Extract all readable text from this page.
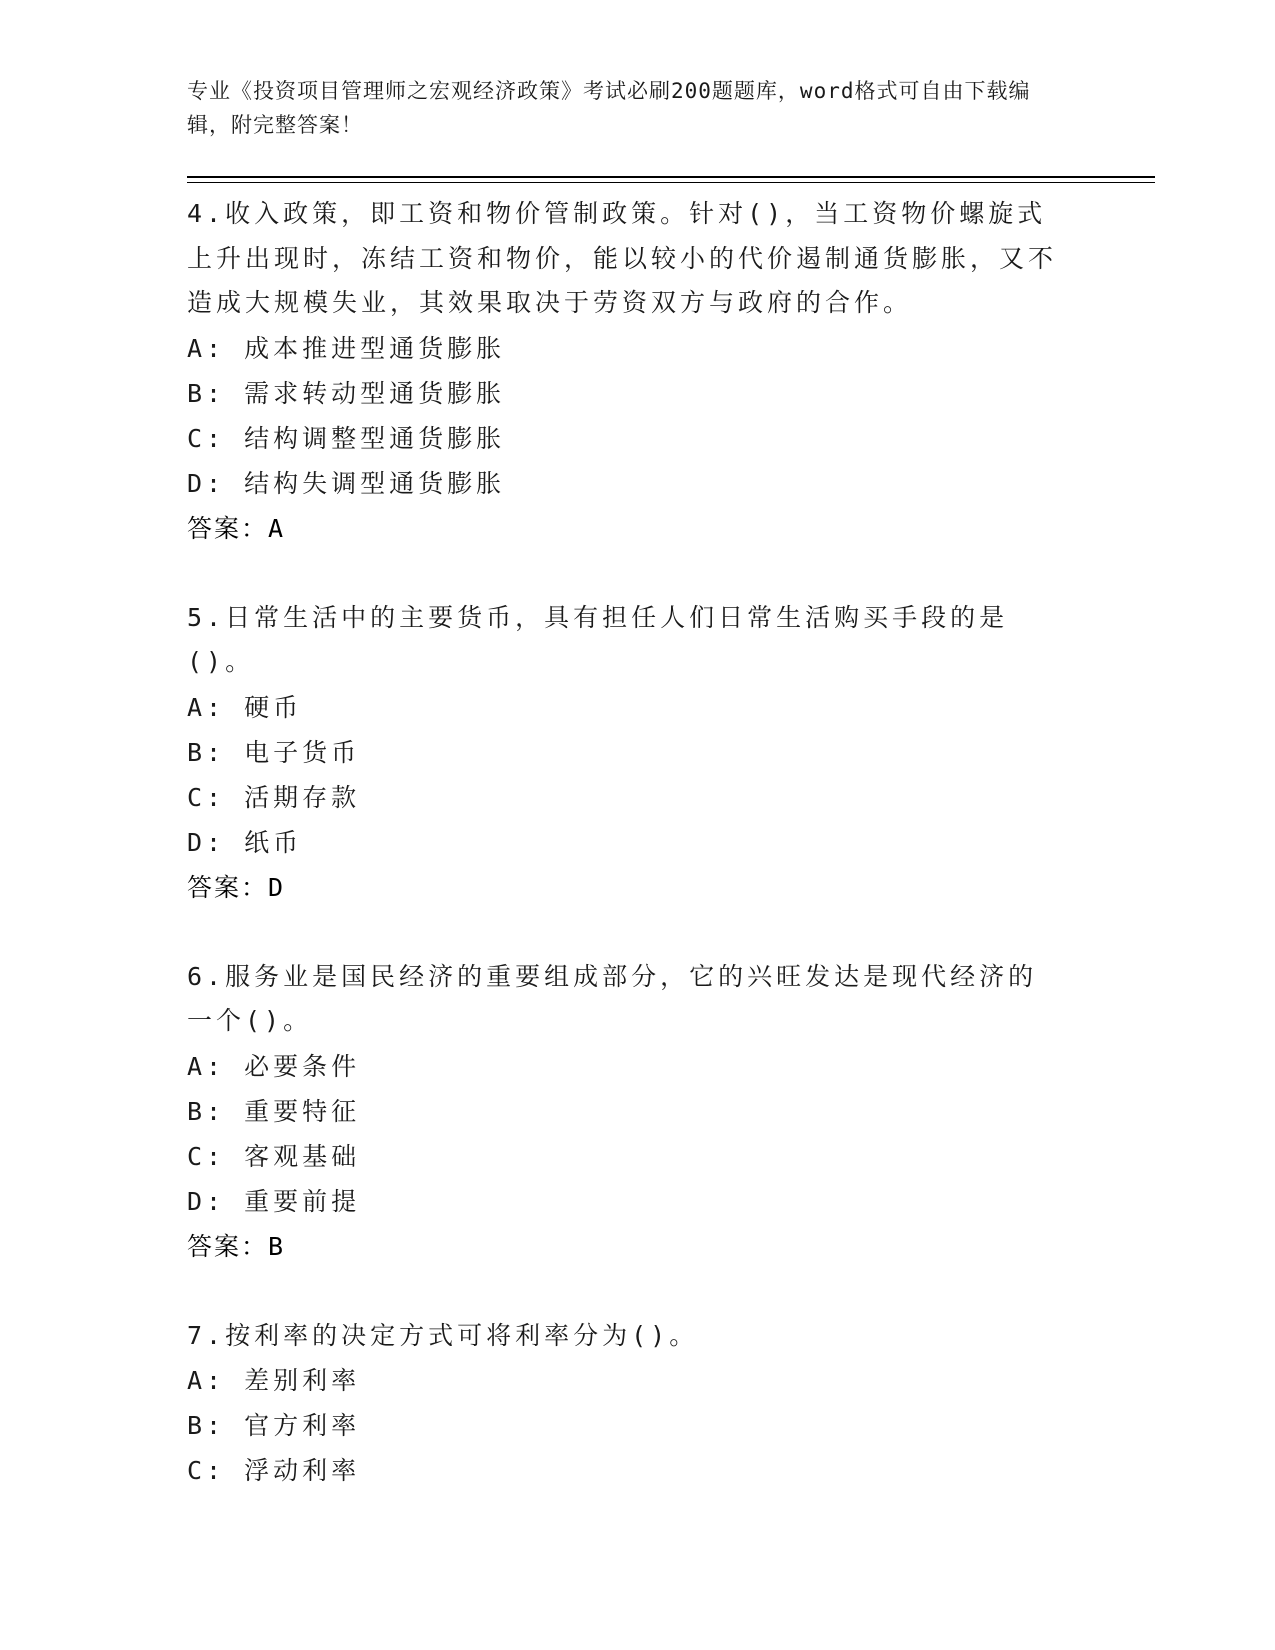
专业《投资项目管理师之宏观经济政策》考试必刷200题题库，word格式可自由下载编辑，附完整答案！
4.收入政策，即工资和物价管制政策。针对()，当工资物价螺旋式上升出现时，冻结工资和物价，能以较小的代价遏制通货膨胀，又不造成大规模失业，其效果取决于劳资双方与政府的合作。
A: 成本推进型通货膨胀
B: 需求转动型通货膨胀
C: 结构调整型通货膨胀
D: 结构失调型通货膨胀
答案：A
5.日常生活中的主要货币，具有担任人们日常生活购买手段的是()。
A: 硬币
B: 电子货币
C: 活期存款
D: 纸币
答案：D
6.服务业是国民经济的重要组成部分，它的兴旺发达是现代经济的一个()。
A: 必要条件
B: 重要特征
C: 客观基础
D: 重要前提
答案：B
7.按利率的决定方式可将利率分为()。
A: 差别利率
B: 官方利率
C: 浮动利率
